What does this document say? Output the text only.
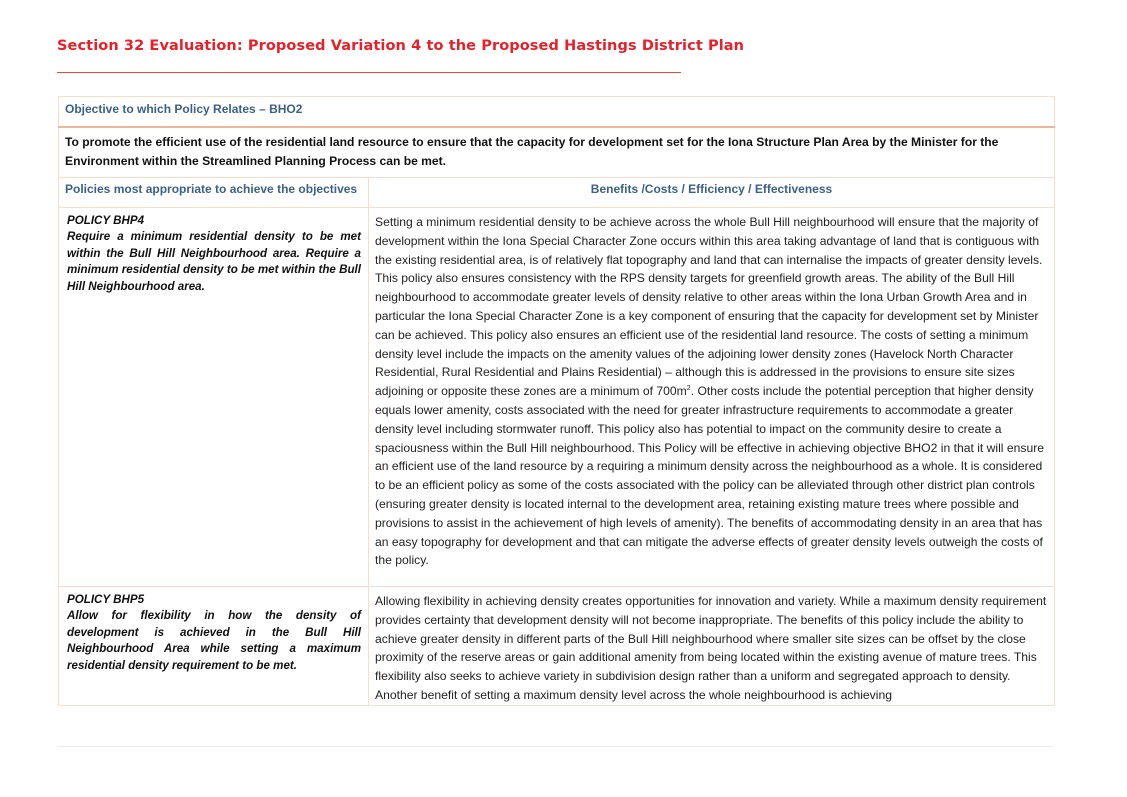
Section 32 Evaluation: Proposed Variation 4 to the Proposed Hastings District Plan
Objective to which Policy Relates – BHO2	
To promote the efficient use of the residential land resource to ensure that the capacity for development set for the Iona Structure Plan Area by the Minister for the Environment within the Streamlined Planning Process can be met.	
Policies most appropriate to achieve the objectives	Benefits /Costs / Efficiency / Effectiveness

POLICY BHP4
Require a minimum residential density to be met within the Bull Hill Neighbourhood area. Require a minimum residential density to be met within the Bull Hill Neighbourhood area.	Setting a minimum residential density to be achieve across the whole Bull Hill neighbourhood will ensure that the majority of development within the Iona Special Character Zone occurs within this area taking advantage of land that is contiguous with the existing residential area, is of relatively flat topography and land that can internalise the impacts of greater density levels. This policy also ensures consistency with the RPS density targets for greenfield growth areas. The ability of the Bull Hill neighbourhood to accommodate greater levels of density relative to other areas within the Iona Urban Growth Area and in particular the Iona Special Character Zone is a key component of ensuring that the capacity for development set by Minister can be achieved. This policy also ensures an efficient use of the residential land resource. The costs of setting a minimum density level include the impacts on the amenity values of the adjoining lower density zones (Havelock North Character Residential, Rural Residential and Plains Residential) – although this is addressed in the provisions to ensure site sizes adjoining or opposite these zones are a minimum of $700m^2$. Other costs include the potential perception that higher density equals lower amenity, costs associated with the need for greater infrastructure requirements to accommodate a greater density level including stormwater runoff. This policy also has potential to impact on the community desire to create a spaciousness within the Bull Hill neighbourhood. This Policy will be effective in achieving objective BHO2 in that it will ensure an efficient use of the land resource by a requiring a minimum density across the neighbourhood as a whole. It is considered to be an efficient policy as some of the costs associated with the policy can be alleviated through other district plan controls (ensuring greater density is located internal to the development area, retaining existing mature trees where possible and provisions to assist in the achievement of high levels of amenity). The benefits of accommodating density in an area that has an easy topography for development and that can mitigate the adverse effects of greater density levels outweigh the costs of the policy.

POLICY BHP5
Allow for flexibility in how the density of development is achieved in the Bull Hill Neighbourhood Area while setting a maximum residential density requirement to be met.	Allowing flexibility in achieving density creates opportunities for innovation and variety. While a maximum density requirement provides certainty that development density will not become inappropriate. The benefits of this policy include the ability to achieve greater density in different parts of the Bull Hill neighbourhood where smaller site sizes can be offset by the close proximity of the reserve areas or gain additional amenity from being located within the existing avenue of mature trees. This flexibility also seeks to achieve variety in subdivision design rather than a uniform and segregated approach to density. Another benefit of setting a maximum density level across the whole neighbourhood is achieving
